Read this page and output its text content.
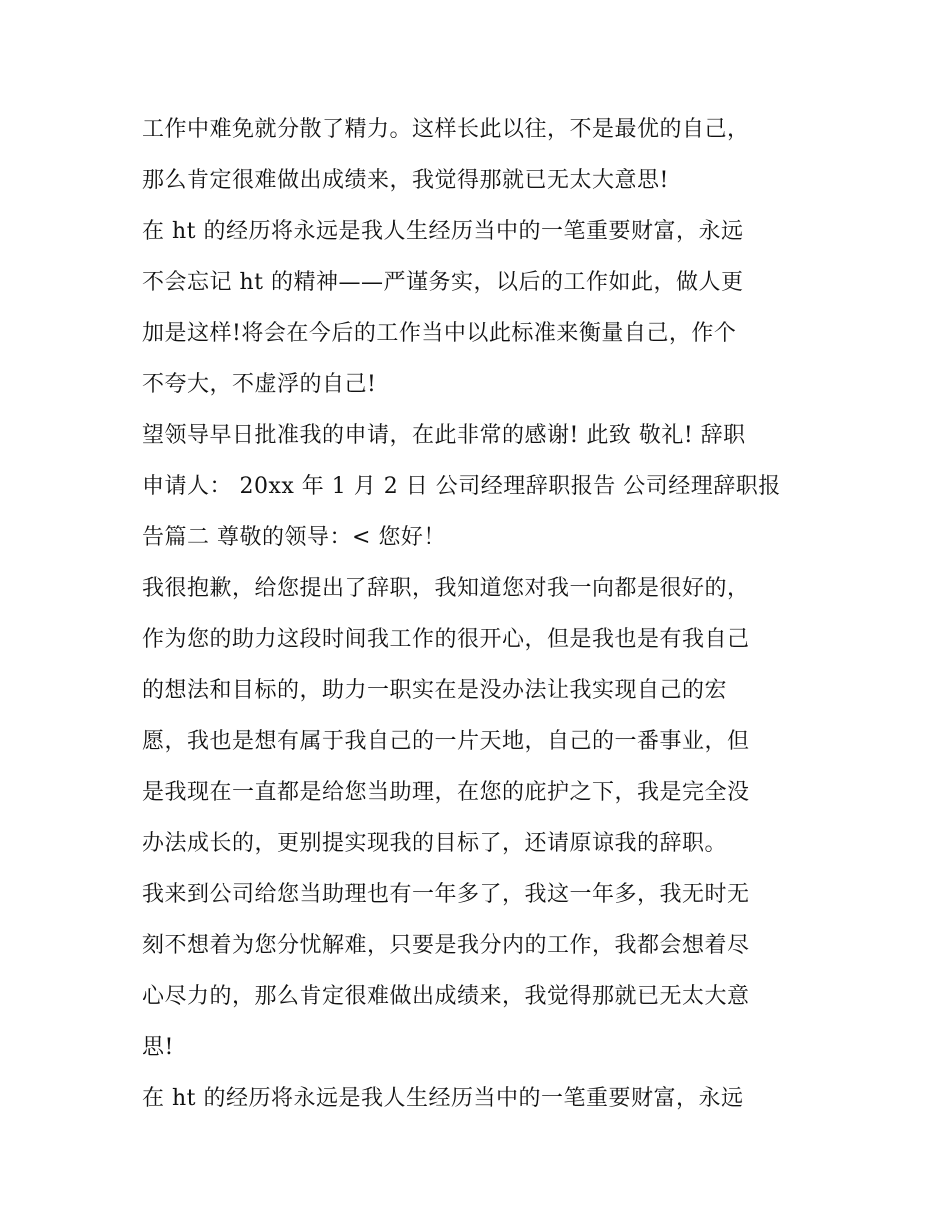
工作中难免就分散了精力。这样长此以往，不是最优的自己，
那么肯定很难做出成绩来，我觉得那就已无太大意思!
在 ht 的经历将永远是我人生经历当中的一笔重要财富，永远
不会忘记 ht 的精神——严谨务实，以后的工作如此，做人更
加是这样!将会在今后的工作当中以此标准来衡量自己，作个
不夸大，不虚浮的自己!
望领导早日批准我的申请，在此非常的感谢! 此致 敬礼! 辞职
申请人： 20xx 年 1 月 2 日 公司经理辞职报告 公司经理辞职报
告篇二 尊敬的领导：< 您好！
我很抱歉，给您提出了辞职，我知道您对我一向都是很好的，
作为您的助力这段时间我工作的很开心，但是我也是有我自己
的想法和目标的，助力一职实在是没办法让我实现自己的宏
愿，我也是想有属于我自己的一片天地，自己的一番事业，但
是我现在一直都是给您当助理，在您的庇护之下，我是完全没
办法成长的，更别提实现我的目标了，还请原谅我的辞职。
我来到公司给您当助理也有一年多了，我这一年多，我无时无
刻不想着为您分忧解难，只要是我分内的工作，我都会想着尽
心尽力的，那么肯定很难做出成绩来，我觉得那就已无太大意
思!
在 ht 的经历将永远是我人生经历当中的一笔重要财富，永远
